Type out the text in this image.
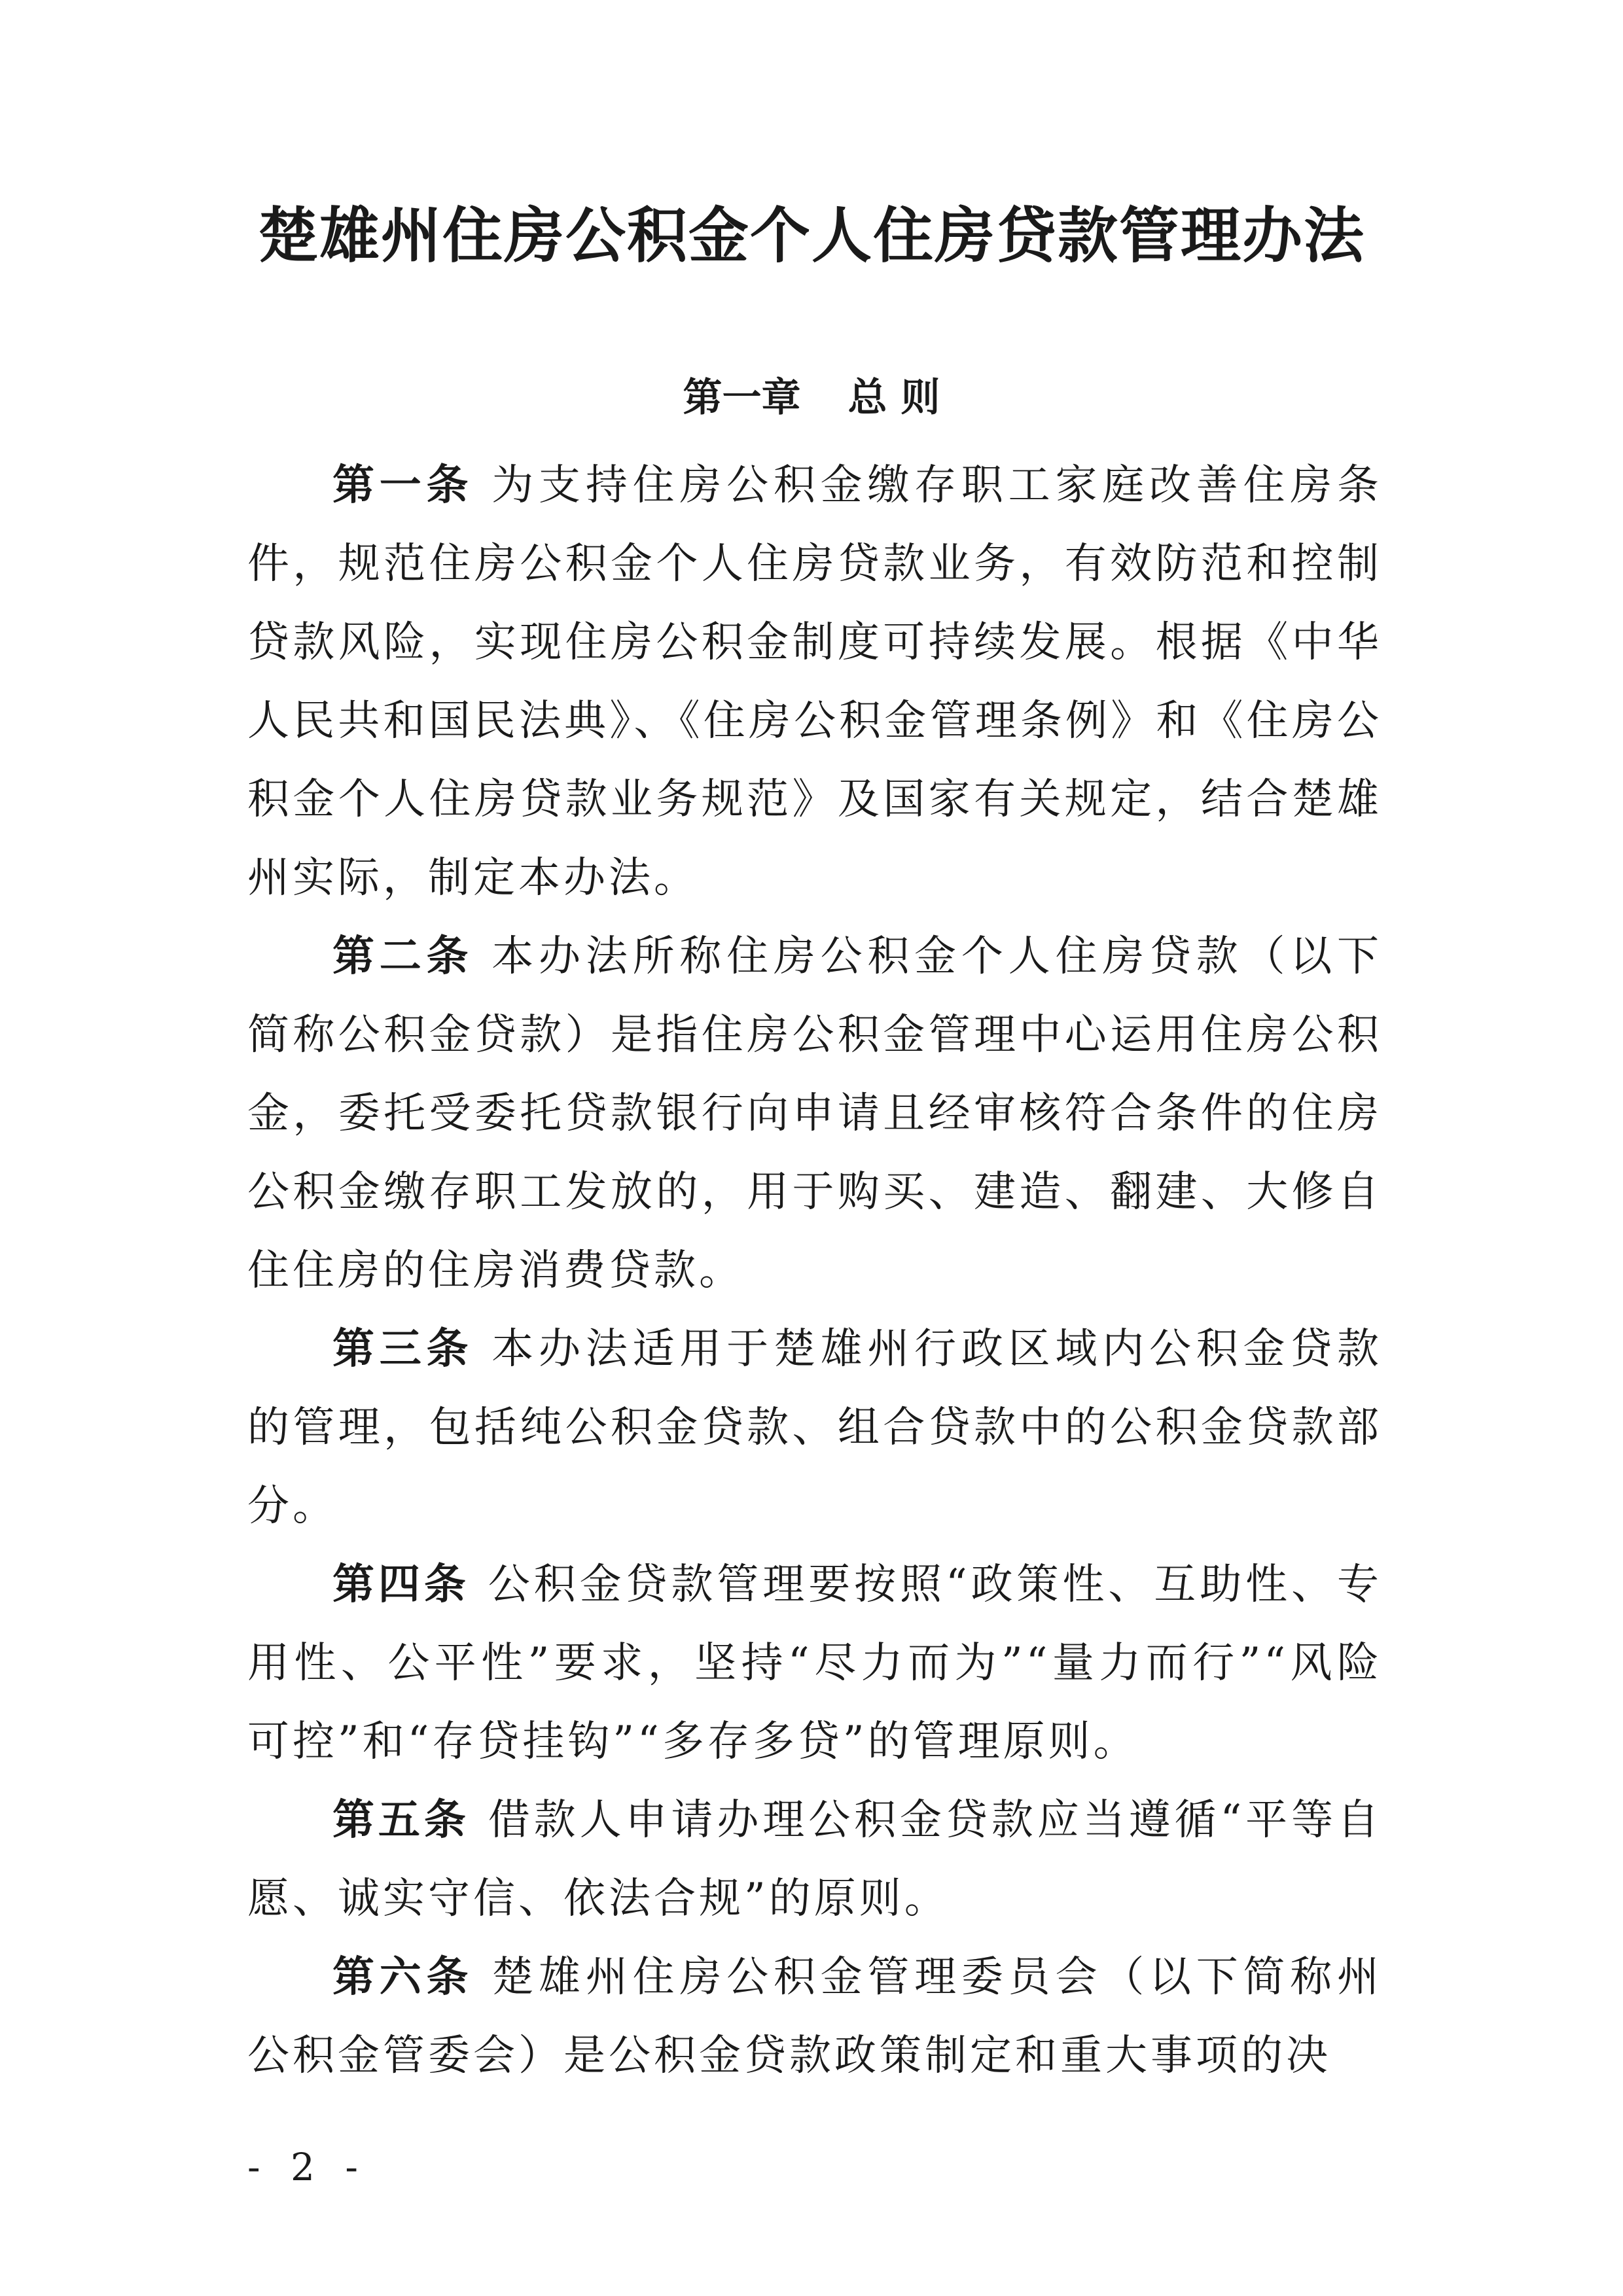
楚雄州住房公积金个人住房贷款管理办法
第一章 总 则

第一条 为支持住房公积金缴存职工家庭改善住房条件，规范住房公积金个人住房贷款业务，有效防范和控制贷款风险，实现住房公积金制度可持续发展。根据《中华人民共和国民法典》、《住房公积金管理条例》和《住房公积金个人住房贷款业务规范》及国家有关规定，结合楚雄州实际，制定本办法。

第二条 本办法所称住房公积金个人住房贷款（以下简称公积金贷款）是指住房公积金管理中心运用住房公积金，委托受委托贷款银行向申请且经审核符合条件的住房公积金缴存职工发放的，用于购买、建造、翻建、大修自住住房的住房消费贷款。

第三条 本办法适用于楚雄州行政区域内公积金贷款的管理，包括纯公积金贷款、组合贷款中的公积金贷款部分。

第四条 公积金贷款管理要按照“政策性、互助性、专用性、公平性”要求，坚持“尽力而为”“量力而行”“风险可控”和“存贷挂钩”“多存多贷”的管理原则。

第五条 借款人申请办理公积金贷款应当遵循“平等自愿、诚实守信、依法合规”的原则。

第六条 楚雄州住房公积金管理委员会（以下简称州公积金管委会）是公积金贷款政策制定和重大事项的决

- 2 -
